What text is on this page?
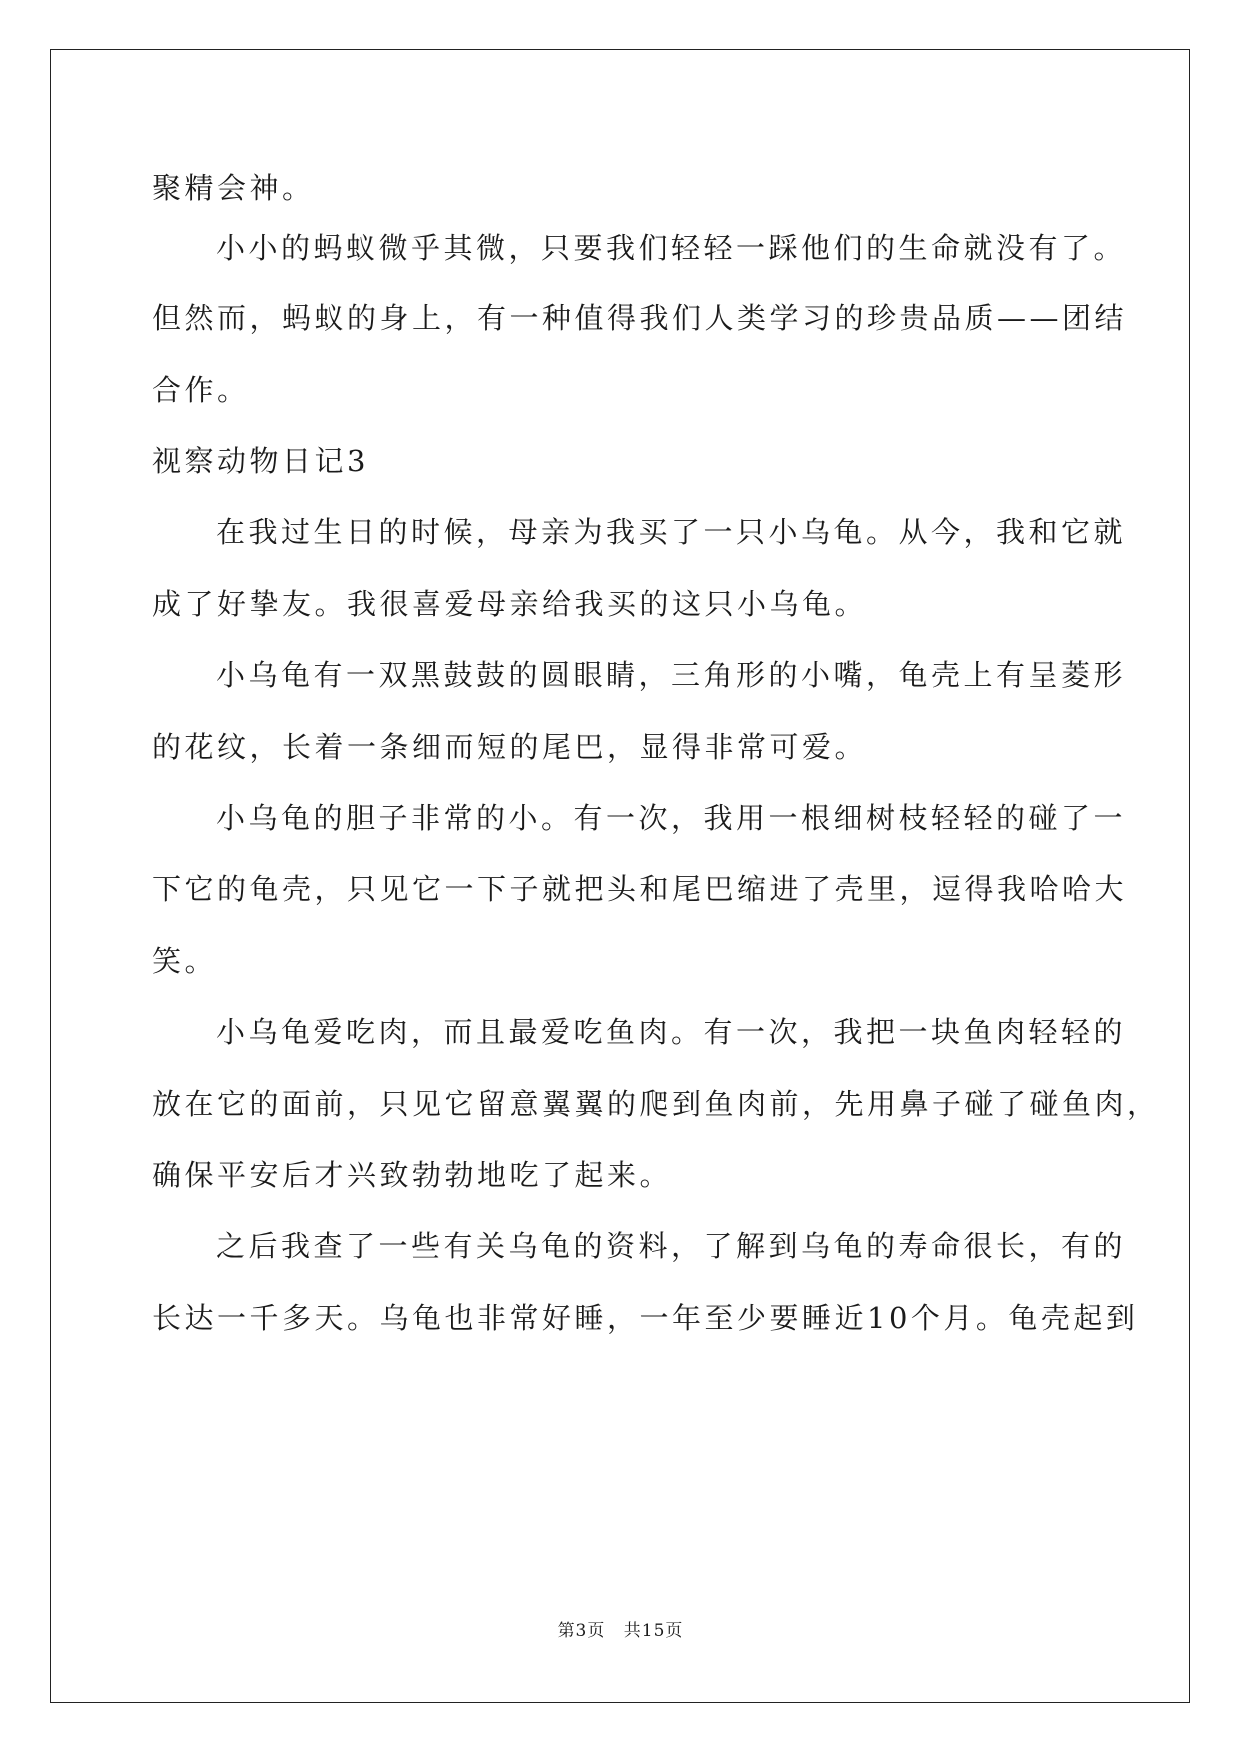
聚精会神。
小小的蚂蚁微乎其微，只要我们轻轻一踩他们的生命就没有了。
但然而，蚂蚁的身上，有一种值得我们人类学习的珍贵品质——团结
合作。
视察动物日记3
在我过生日的时候，母亲为我买了一只小乌龟。从今，我和它就
成了好挚友。我很喜爱母亲给我买的这只小乌龟。
小乌龟有一双黑鼓鼓的圆眼睛，三角形的小嘴，龟壳上有呈菱形
的花纹，长着一条细而短的尾巴，显得非常可爱。
小乌龟的胆子非常的小。有一次，我用一根细树枝轻轻的碰了一
下它的龟壳，只见它一下子就把头和尾巴缩进了壳里，逗得我哈哈大
笑。
小乌龟爱吃肉，而且最爱吃鱼肉。有一次，我把一块鱼肉轻轻的
放在它的面前，只见它留意翼翼的爬到鱼肉前，先用鼻子碰了碰鱼肉，
确保平安后才兴致勃勃地吃了起来。
之后我查了一些有关乌龟的资料，了解到乌龟的寿命很长，有的
长达一千多天。乌龟也非常好睡，一年至少要睡近10个月。龟壳起到
第3页 共15页
